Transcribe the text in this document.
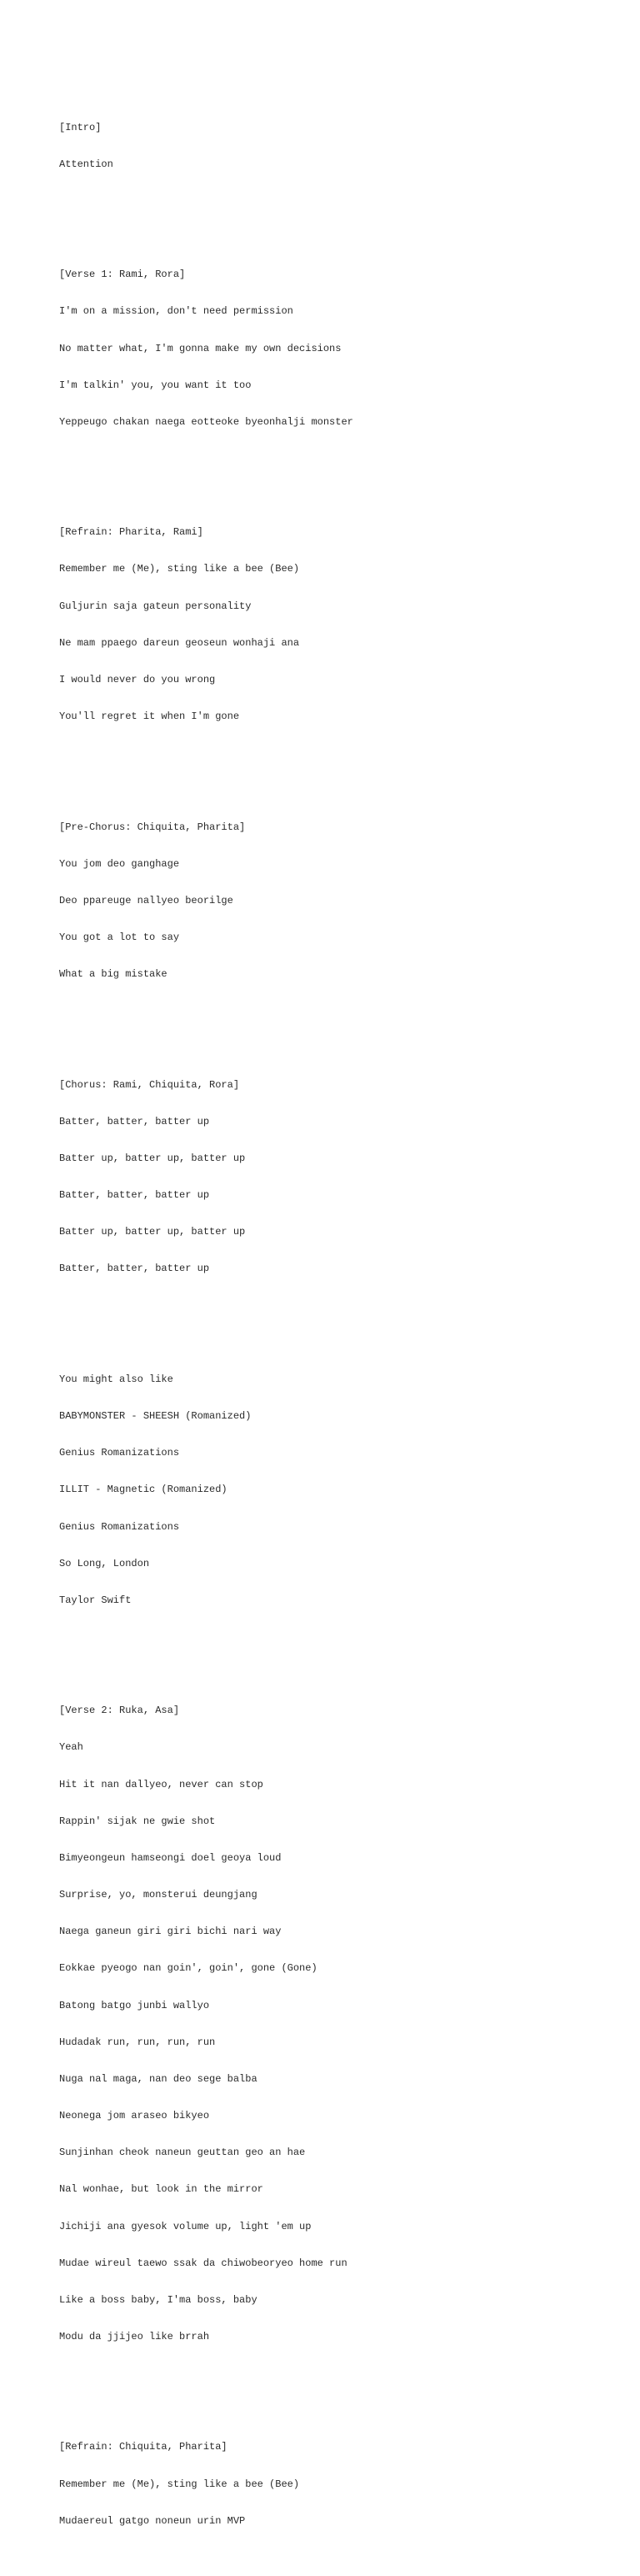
[Intro]

Attention

[Verse 1: Rami, Rora]

I'm on a mission, don't need permission

No matter what, I'm gonna make my own decisions

I'm talkin' you, you want it too

Yeppeugo chakan naega eotteoke byeonhalji monster

[Refrain: Pharita, Rami]

Remember me (Me), sting like a bee (Bee)

Guljurin saja gateun personality

Ne mam ppaego dareun geoseun wonhaji ana

I would never do you wrong

You'll regret it when I'm gone

[Pre-Chorus: Chiquita, Pharita]

You jom deo ganghage

Deo ppareuge nallyeo beorilge

You got a lot to say

What a big mistake

[Chorus: Rami, Chiquita, Rora]

Batter, batter, batter up

Batter up, batter up, batter up

Batter, batter, batter up

Batter up, batter up, batter up

Batter, batter, batter up

You might also like

BABYMONSTER - SHEESH (Romanized)

Genius Romanizations

ILLIT - Magnetic (Romanized)

Genius Romanizations

So Long, London

Taylor Swift

[Verse 2: Ruka, Asa]

Yeah

Hit it nan dallyeo, never can stop

Rappin' sijak ne gwie shot

Bimyeongeun hamseongi doel geoya loud

Surprise, yo, monsterui deungjang

Naega ganeun giri giri bichi nari way

Eokkae pyeogo nan goin', goin', gone (Gone)

Batong batgo junbi wallyo

Hudadak run, run, run, run

Nuga nal maga, nan deo sege balba

Neonega jom araseo bikyeo

Sunjinhan cheok naneun geuttan geo an hae

Nal wonhae, but look in the mirror

Jichiji ana gyesok volume up, light 'em up

Mudae wireul taewo ssak da chiwobeoryeo home run

Like a boss baby, I'ma boss, baby

Modu da jjijeo like brrah

[Refrain: Chiquita, Pharita]

Remember me (Me), sting like a bee (Bee)

Mudaereul gatgo noneun urin MVP
